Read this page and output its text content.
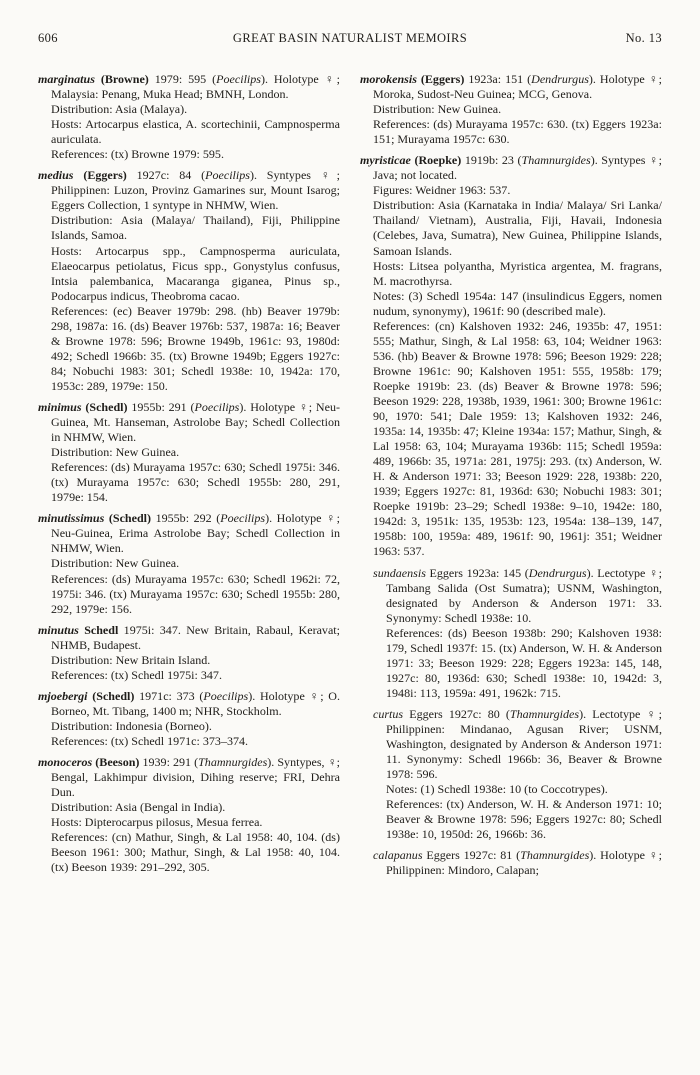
606	GREAT BASIN NATURALIST MEMOIRS	No. 13

marginatus (Browne) 1979: 595 (Poecilips). Holotype ♀; Malaysia: Penang, Muka Head; BMNH, London.

Distribution: Asia (Malaya).

Hosts: Artocarpus elastica, A. scortechinii, Campnosperma auriculata.

References: (tx) Browne 1979: 595.

medius (Eggers) 1927c: 84 (Poecilips). Syntypes ♀; Philippinen: Luzon, Provinz Gamarines sur, Mount Isarog; Eggers Collection, 1 syntype in NHMW, Wien.

Distribution: Asia (Malaya/ Thailand), Fiji, Philippine Islands, Samoa.

Hosts: Artocarpus spp., Campnosperma auriculata, Elaeocarpus petiolatus, Ficus spp., Gonystylus confusus, Intsia palembanica, Macaranga giganea, Pinus sp., Podocarpus indicus, Theobroma cacao.

References: (ec) Beaver 1979b: 298. (hb) Beaver 1979b: 298, 1987a: 16. (ds) Beaver 1976b: 537, 1987a: 16; Beaver & Browne 1978: 596; Browne 1949b, 1961c: 93, 1980d: 492; Schedl 1966b: 35. (tx) Browne 1949b; Eggers 1927c: 84; Nobuchi 1983: 301; Schedl 1938e: 10, 1942a: 170, 1953c: 289, 1979e: 150.

minimus (Schedl) 1955b: 291 (Poecilips). Holotype ♀; Neu-Guinea, Mt. Hanseman, Astrolobe Bay; Schedl Collection in NHMW, Wien.

Distribution: New Guinea.

References: (ds) Murayama 1957c: 630; Schedl 1975i: 346. (tx) Murayama 1957c: 630; Schedl 1955b: 280, 291, 1979e: 154.

minutissimus (Schedl) 1955b: 292 (Poecilips). Holotype ♀; Neu-Guinea, Erima Astrolobe Bay; Schedl Collection in NHMW, Wien.

Distribution: New Guinea.

References: (ds) Murayama 1957c: 630; Schedl 1962i: 72, 1975i: 346. (tx) Murayama 1957c: 630; Schedl 1955b: 280, 292, 1979e: 156.

minutus Schedl 1975i: 347. New Britain, Rabaul, Keravat; NHMB, Budapest.

Distribution: New Britain Island.

References: (tx) Schedl 1975i: 347.

mjoebergi (Schedl) 1971c: 373 (Poecilips). Holotype ♀; O. Borneo, Mt. Tibang, 1400 m; NHR, Stockholm.

Distribution: Indonesia (Borneo).

References: (tx) Schedl 1971c: 373–374.

monoceros (Beeson) 1939: 291 (Thamnurgides). Syntypes, ♀; Bengal, Lakhimpur division, Dihing reserve; FRI, Dehra Dun.

Distribution: Asia (Bengal in India).

Hosts: Dipterocarpus pilosus, Mesua ferrea.

References: (cn) Mathur, Singh, & Lal 1958: 40, 104. (ds) Beeson 1961: 300; Mathur, Singh, & Lal 1958: 40, 104. (tx) Beeson 1939: 291–292, 305.

morokensis (Eggers) 1923a: 151 (Dendrurgus). Holotype ♀; Moroka, Sudost-Neu Guinea; MCG, Genova.

Distribution: New Guinea.

References: (ds) Murayama 1957c: 630. (tx) Eggers 1923a: 151; Murayama 1957c: 630.

myristicae (Roepke) 1919b: 23 (Thamnurgides). Syntypes ♀; Java; not located.

Figures: Weidner 1963: 537.

Distribution: Asia (Karnataka in India/ Malaya/ Sri Lanka/ Thailand/ Vietnam), Australia, Fiji, Havaii, Indonesia (Celebes, Java, Sumatra), New Guinea, Philippine Islands, Samoan Islands.

Hosts: Litsea polyantha, Myristica argentea, M. fragrans, M. macrothyrsa.

Notes: (3) Schedl 1954a: 147 (insulindicus Eggers, nomen nudum, synonymy), 1961f: 90 (described male).

References: (cn) Kalshoven 1932: 246, 1935b: 47, 1951: 555; Mathur, Singh, & Lal 1958: 63, 104; Weidner 1963: 536. (hb) Beaver & Browne 1978: 596; Beeson 1929: 228; Browne 1961c: 90; Kalshoven 1951: 555, 1958b: 179; Roepke 1919b: 23. (ds) Beaver & Browne 1978: 596; Beeson 1929: 228, 1938b, 1939, 1961: 300; Browne 1961c: 90, 1970: 541; Dale 1959: 13; Kalshoven 1932: 246, 1935a: 14, 1935b: 47; Kleine 1934a: 157; Mathur, Singh, & Lal 1958: 63, 104; Murayama 1936b: 115; Schedl 1959a: 489, 1966b: 35, 1971a: 281, 1975j: 293. (tx) Anderson, W. H. & Anderson 1971: 33; Beeson 1929: 228, 1938b: 220, 1939; Eggers 1927c: 81, 1936d: 630; Nobuchi 1983: 301; Roepke 1919b: 23–29; Schedl 1938e: 9–10, 1942e: 180, 1942d: 3, 1951k: 135, 1953b: 123, 1954a: 138–139, 147, 1958b: 100, 1959a: 489, 1961f: 90, 1961j: 351; Weidner 1963: 537.

sundaensis Eggers 1923a: 145 (Dendrurgus). Lectotype ♀; Tambang Salida (Ost Sumatra); USNM, Washington, designated by Anderson & Anderson 1971: 33. Synonymy: Schedl 1938e: 10.

References: (ds) Beeson 1938b: 290; Kalshoven 1938: 179, Schedl 1937f: 15. (tx) Anderson, W. H. & Anderson 1971: 33; Beeson 1929: 228; Eggers 1923a: 145, 148, 1927c: 80, 1936d: 630; Schedl 1938e: 10, 1942d: 3, 1948i: 113, 1959a: 491, 1962k: 715.

curtus Eggers 1927c: 80 (Thamnurgides). Lectotype ♀; Philippinen: Mindanao, Agusan River; USNM, Washington, designated by Anderson & Anderson 1971: 11. Synonymy: Schedl 1966b: 36, Beaver & Browne 1978: 596.

Notes: (1) Schedl 1938e: 10 (to Coccotrypes).

References: (tx) Anderson, W. H. & Anderson 1971: 10; Beaver & Browne 1978: 596; Eggers 1927c: 80; Schedl 1938e: 10, 1950d: 26, 1966b: 36.

calapanus Eggers 1927c: 81 (Thamnurgides). Holotype ♀; Philippinen: Mindoro, Calapan;
